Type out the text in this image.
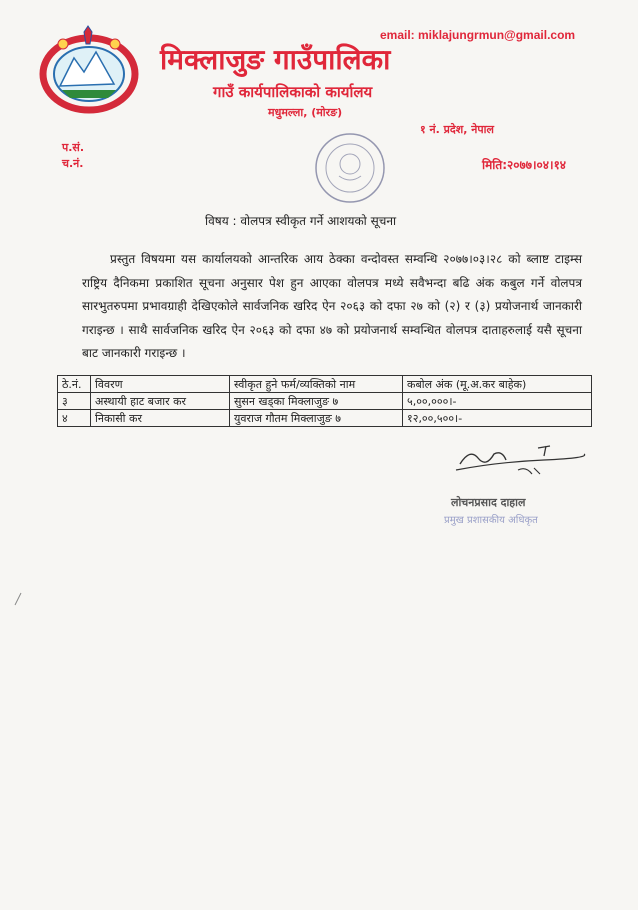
email: miklajungrmun@gmail.com
मिक्लाजुङ गाउँपालिका
गाउँ कार्यपालिकाको कार्यालय
मधुमल्ला, (मोरङ)
१ नं. प्रदेश, नेपाल
प.सं.
च.नं.	मिति:२०७७।०४।१४
विषय : वोलपत्र स्वीकृत गर्ने आशयको सूचना
प्रस्तुत विषयमा यस कार्यालयको आन्तरिक आय ठेक्का वन्दोवस्त सम्वन्धि २०७७।०३।२८ को ब्लाष्ट टाइम्स राष्ट्रिय दैनिकमा प्रकाशित सूचना अनुसार पेश हुन आएका वोलपत्र मध्ये सवैभन्दा बढि अंक कबुल गर्ने वोलपत्र सारभुतरुपमा प्रभावग्राही देखिएकोले सार्वजनिक खरिद ऐन २०६३ को दफा २७ को (२) र (३) प्रयोजनार्थ जानकारी गराइन्छ । साथै सार्वजनिक खरिद ऐन २०६३ को दफा ४७ को प्रयोजनार्थ सम्वन्धित वोलपत्र दाताहरुलाई यसै सूचना बाट जानकारी गराइन्छ ।
ठे.नं.	विवरण	स्वीकृत हुने फर्म/व्यक्तिको नाम	कबोल अंक (मू.अ.कर बाहेक)
३	अस्थायी हाट बजार कर	सुसन खड्का मिक्लाजुङ ७	५,००,०००।-
४	निकासी कर	युवराज गौतम मिक्लाजुङ ७	१२,००,५००।-
लोचनप्रसाद दाहाल
प्रमुख प्रशासकीय अधिकृत
